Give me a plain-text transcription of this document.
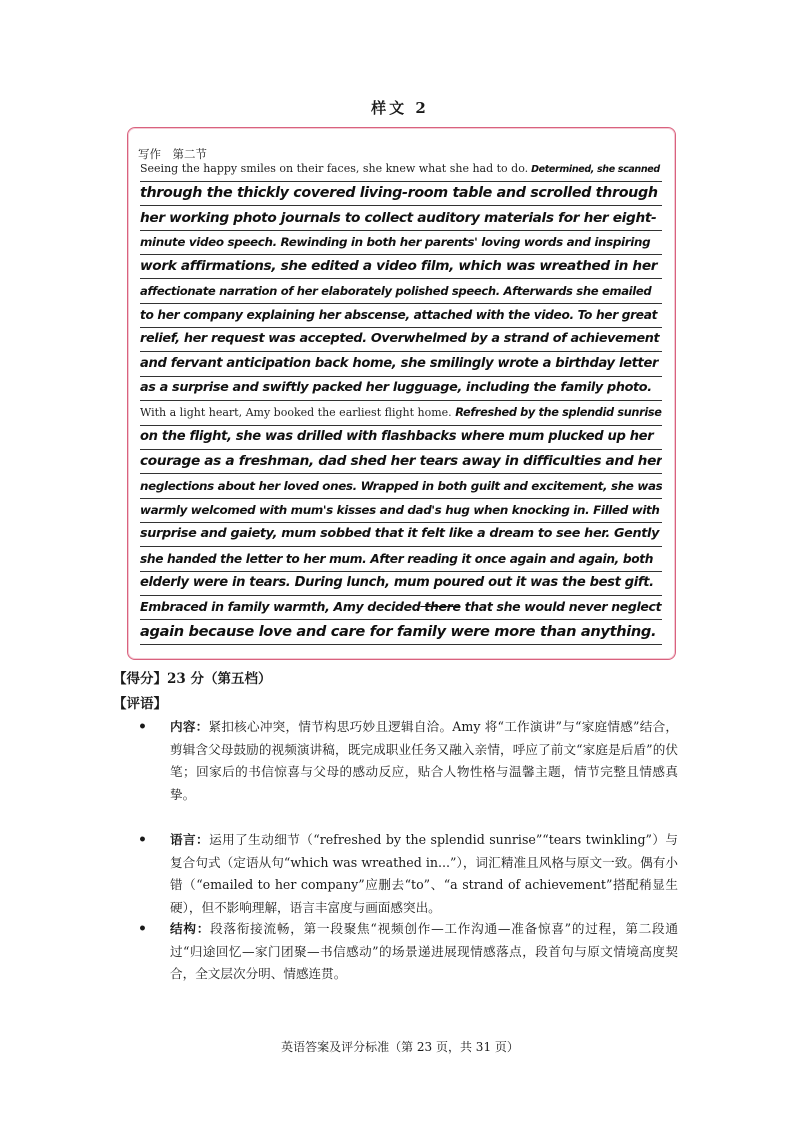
样文 2
写作　第二节
Seeing the happy smiles on their faces, she knew what she had to do. Determined, she scanned
through the thickly covered living-room table and scrolled through
her working photo journals to collect auditory materials for her eight-
minute video speech. Rewinding in both her parents' loving words and inspiring
work affirmations, she edited a video film, which was wreathed in her
affectionate narration of her elaborately polished speech. Afterwards she emailed
to her company explaining her abscense, attached with the video. To her great
relief, her request was accepted. Overwhelmed by a strand of achievement
and fervant anticipation back home, she smilingly wrote a birthday letter
as a surprise and swiftly packed her lugguage, including the family photo.
With a light heart, Amy booked the earliest flight home. Refreshed by the splendid sunrise
on the flight, she was drilled with flashbacks where mum plucked up her
courage as a freshman, dad shed her tears away in difficulties and her
neglections about her loved ones. Wrapped in both guilt and excitement, she was
warmly welcomed with mum's kisses and dad's hug when knocking in. Filled with
surprise and gaiety, mum sobbed that it felt like a dream to see her. Gently
she handed the letter to her mum. After reading it once again and again, both
elderly were in tears. During lunch, mum poured out it was the best gift.
Embraced in family warmth, Amy decided there that she would never neglect
again because love and care for family were more than anything.
【得分】23 分（第五档）
【评语】
• 内容：紧扣核心冲突，情节构思巧妙且逻辑自洽。Amy 将“工作演讲”与“家庭情感”结合，剪辑含父母鼓励的视频演讲稿，既完成职业任务又融入亲情，呼应了前文“家庭是后盾”的伏笔；回家后的书信惊喜与父母的感动反应，贴合人物性格与温馨主题，情节完整且情感真挚。
• 语言：运用了生动细节（“refreshed by the splendid sunrise”“tears twinkling”）与复合句式（定语从句“which was wreathed in...”），词汇精准且风格与原文一致。偶有小错（“emailed to her company”应删去“to”、“a strand of achievement”搭配稍显生硬），但不影响理解，语言丰富度与画面感突出。
• 结构：段落衔接流畅，第一段聚焦“视频创作—工作沟通—准备惊喜”的过程，第二段通过“归途回忆—家门团聚—书信感动”的场景递进展现情感落点，段首句与原文情境高度契合，全文层次分明、情感连贯。
英语答案及评分标准（第 23 页，共 31 页）
